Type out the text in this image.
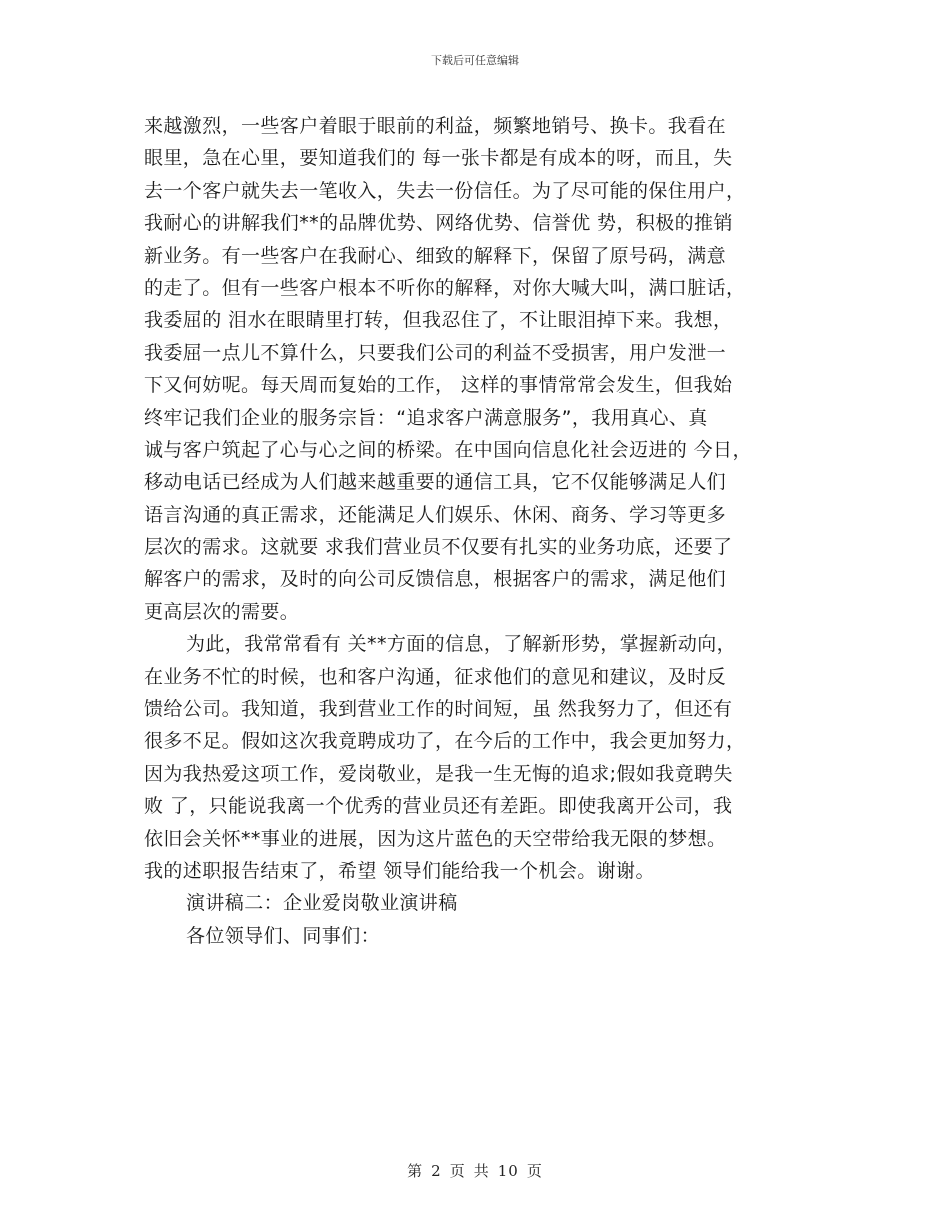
下载后可任意编辑
来越激烈，一些客户着眼于眼前的利益，频繁地销号、换卡。我看在
眼里，急在心里，要知道我们的 每一张卡都是有成本的呀，而且，失
去一个客户就失去一笔收入，失去一份信任。为了尽可能的保住用户，
我耐心的讲解我们**的品牌优势、网络优势、信誉优 势，积极的推销
新业务。有一些客户在我耐心、细致的解释下，保留了原号码，满意
的走了。但有一些客户根本不听你的解释，对你大喊大叫，满口脏话，
我委屈的 泪水在眼睛里打转，但我忍住了，不让眼泪掉下来。我想，
我委屈一点儿不算什么，只要我们公司的利益不受损害，用户发泄一
下又何妨呢。每天周而复始的工作， 这样的事情常常会发生，但我始
终牢记我们企业的服务宗旨：“追求客户满意服务”，我用真心、真
诚与客户筑起了心与心之间的桥梁。在中国向信息化社会迈进的 今日，
移动电话已经成为人们越来越重要的通信工具，它不仅能够满足人们
语言沟通的真正需求，还能满足人们娱乐、休闲、商务、学习等更多
层次的需求。这就要 求我们营业员不仅要有扎实的业务功底，还要了
解客户的需求，及时的向公司反馈信息，根据客户的需求，满足他们
更高层次的需要。
为此，我常常看有 关**方面的信息，了解新形势，掌握新动向，
在业务不忙的时候，也和客户沟通，征求他们的意见和建议，及时反
馈给公司。我知道，我到营业工作的时间短，虽 然我努力了，但还有
很多不足。假如这次我竟聘成功了，在今后的工作中，我会更加努力，
因为我热爱这项工作，爱岗敬业，是我一生无悔的追求;假如我竟聘失
败 了，只能说我离一个优秀的营业员还有差距。即使我离开公司，我
依旧会关怀**事业的进展，因为这片蓝色的天空带给我无限的梦想。
我的述职报告结束了，希望 领导们能给我一个机会。谢谢。
演讲稿二：企业爱岗敬业演讲稿
各位领导们、同事们：
第 2 页 共 10 页
